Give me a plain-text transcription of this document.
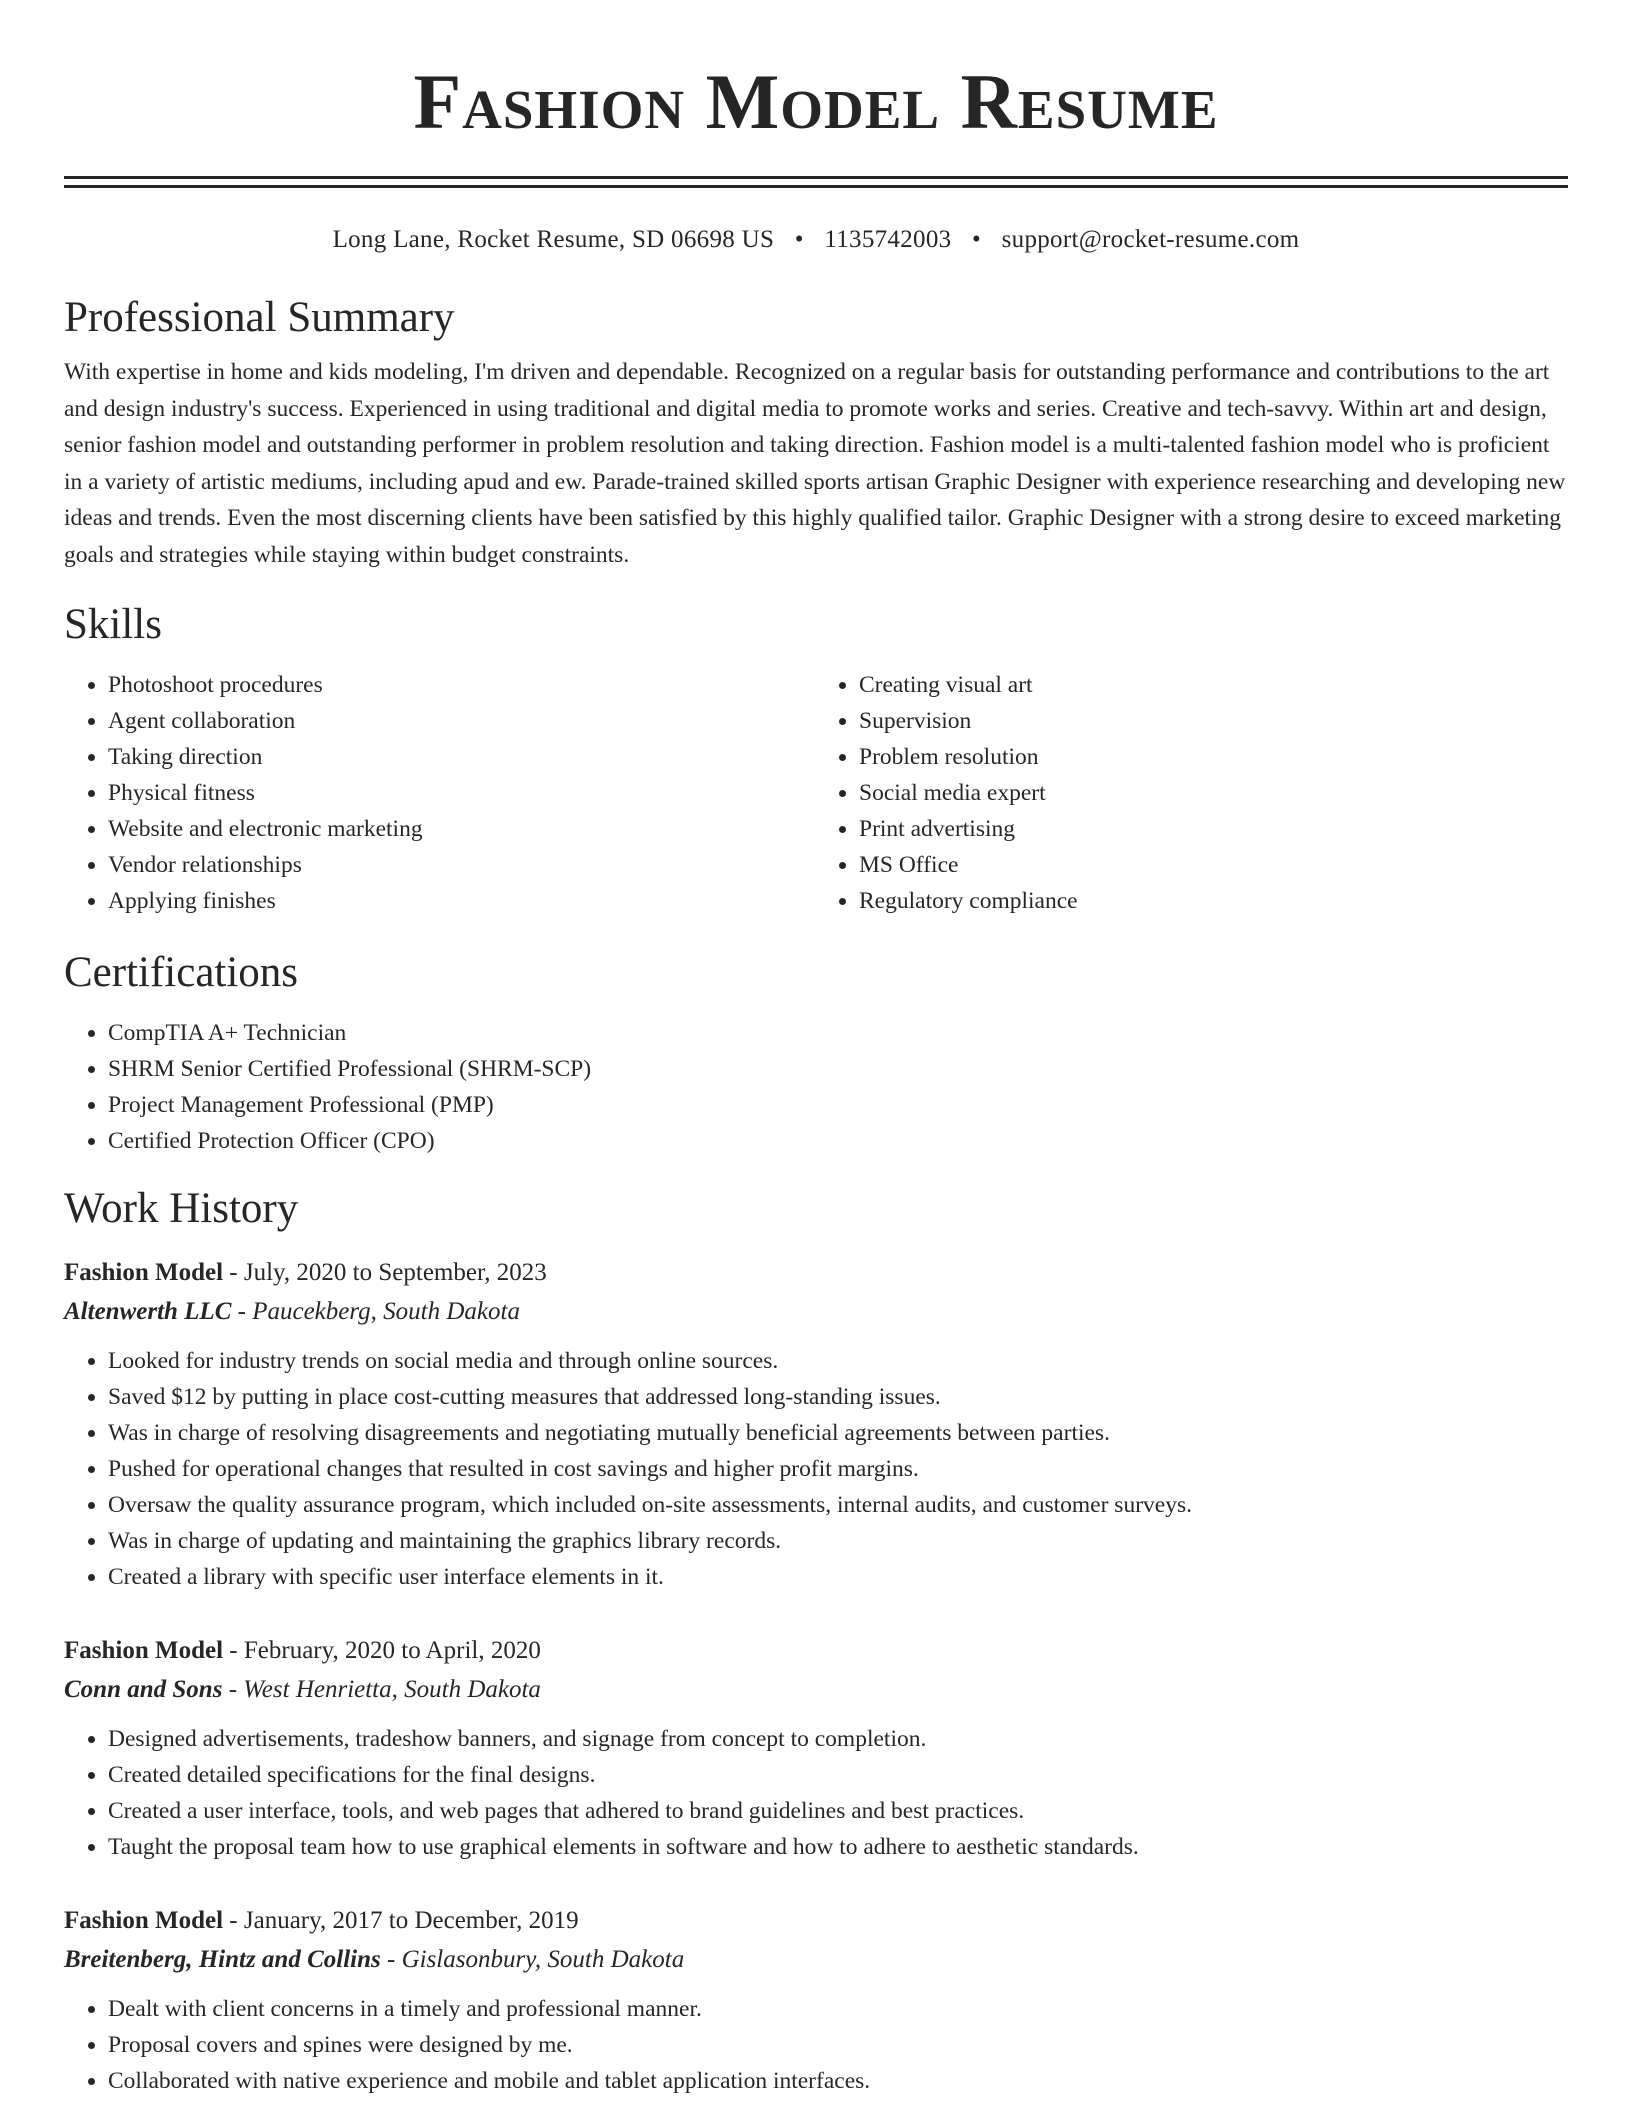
Fashion Model Resume
Long Lane, Rocket Resume, SD 06698 US • 1135742003 • support@rocket-resume.com
Professional Summary

With expertise in home and kids modeling, I'm driven and dependable. Recognized on a regular basis for outstanding performance and contributions to the art and design industry's success. Experienced in using traditional and digital media to promote works and series. Creative and tech-savvy. Within art and design, senior fashion model and outstanding performer in problem resolution and taking direction. Fashion model is a multi-talented fashion model who is proficient in a variety of artistic mediums, including apud and ew. Parade-trained skilled sports artisan Graphic Designer with experience researching and developing new ideas and trends. Even the most discerning clients have been satisfied by this highly qualified tailor. Graphic Designer with a strong desire to exceed marketing goals and strategies while staying within budget constraints.

Skills
• Photoshoot procedures
• Agent collaboration
• Taking direction
• Physical fitness
• Website and electronic marketing
• Vendor relationships
• Applying finishes
• Creating visual art
• Supervision
• Problem resolution
• Social media expert
• Print advertising
• MS Office
• Regulatory compliance
Certifications
• CompTIA A+ Technician
• SHRM Senior Certified Professional (SHRM-SCP)
• Project Management Professional (PMP)
• Certified Protection Officer (CPO)
Work History
Fashion Model - July, 2020 to September, 2023
Altenwerth LLC - Paucekberg, South Dakota
• Looked for industry trends on social media and through online sources.
• Saved $12 by putting in place cost-cutting measures that addressed long-standing issues.
• Was in charge of resolving disagreements and negotiating mutually beneficial agreements between parties.
• Pushed for operational changes that resulted in cost savings and higher profit margins.
• Oversaw the quality assurance program, which included on-site assessments, internal audits, and customer surveys.
• Was in charge of updating and maintaining the graphics library records.
• Created a library with specific user interface elements in it.
Fashion Model - February, 2020 to April, 2020
Conn and Sons - West Henrietta, South Dakota
• Designed advertisements, tradeshow banners, and signage from concept to completion.
• Created detailed specifications for the final designs.
• Created a user interface, tools, and web pages that adhered to brand guidelines and best practices.
• Taught the proposal team how to use graphical elements in software and how to adhere to aesthetic standards.
Fashion Model - January, 2017 to December, 2019
Breitenberg, Hintz and Collins - Gislasonbury, South Dakota
• Dealt with client concerns in a timely and professional manner.
• Proposal covers and spines were designed by me.
• Collaborated with native experience and mobile and tablet application interfaces.
